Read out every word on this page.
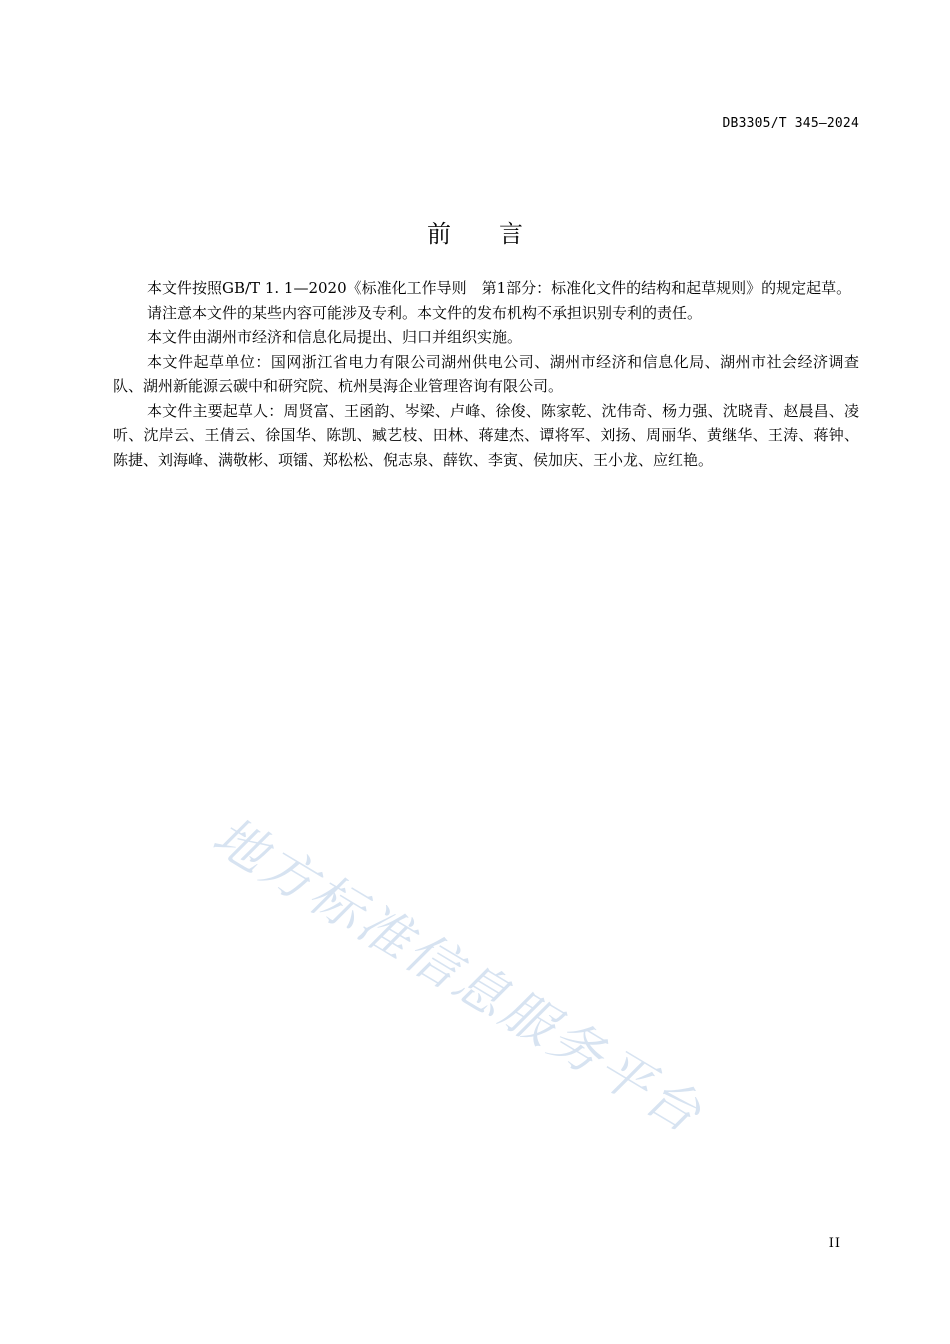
DB3305/T 345—2024
前言

本文件按照GB/T 1. 1—2020《标准化工作导则　第1部分：标准化文件的结构和起草规则》的规定起草。

请注意本文件的某些内容可能涉及专利。本文件的发布机构不承担识别专利的责任。

本文件由湖州市经济和信息化局提出、归口并组织实施。

本文件起草单位：国网浙江省电力有限公司湖州供电公司、湖州市经济和信息化局、湖州市社会经济调查队、湖州新能源云碳中和研究院、杭州昊海企业管理咨询有限公司。

本文件主要起草人：周贤富、王函韵、岑梁、卢峰、徐俊、陈家乾、沈伟奇、杨力强、沈晓青、赵晨昌、凌听、沈岸云、王倩云、徐国华、陈凯、臧艺枝、田林、蒋建杰、谭将军、刘扬、周丽华、黄继华、王涛、蒋钟、陈捷、刘海峰、满敬彬、项镭、郑松松、倪志泉、薛钦、李寅、侯加庆、王小龙、应红艳。

地方标准信息服务平台
II
